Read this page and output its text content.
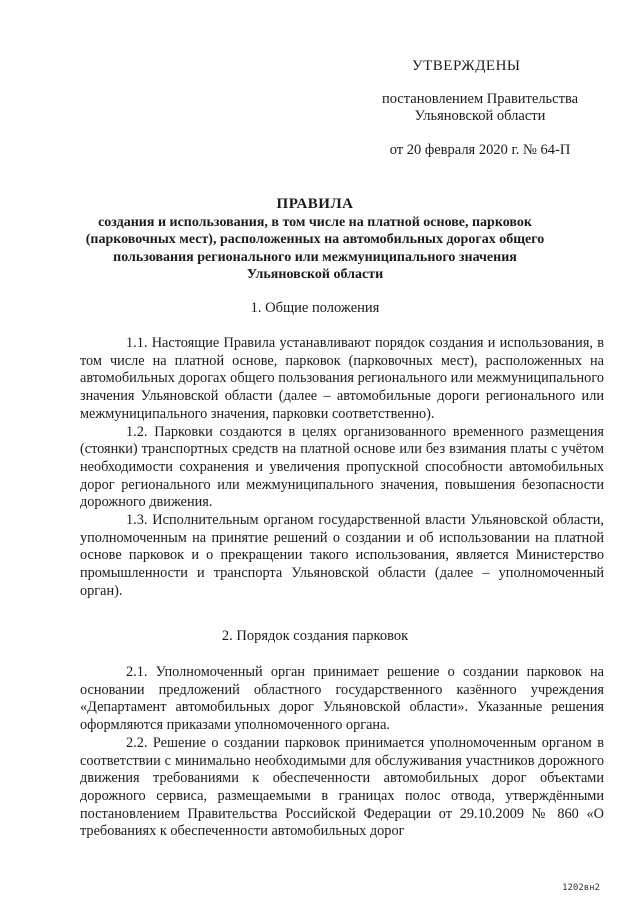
УТВЕРЖДЕНЫ
постановлением Правительства
Ульяновской области
от 20 февраля 2020 г. № 64-П
ПРАВИЛА
создания и использования, в том числе на платной основе, парковок (парковочных мест), расположенных на автомобильных дорогах общего пользования регионального или межмуниципального значения Ульяновской области
1. Общие положения

1.1. Настоящие Правила устанавливают порядок создания и использования, в том числе на платной основе, парковок (парковочных мест), расположенных на автомобильных дорогах общего пользования регионального или межмуниципального значения Ульяновской области (далее – автомобильные дороги регионального или межмуниципального значения, парковки соответственно).

1.2. Парковки создаются в целях организованного временного размещения (стоянки) транспортных средств на платной основе или без взимания платы с учётом необходимости сохранения и увеличения пропускной способности автомобильных дорог регионального или межмуниципального значения, повышения безопасности дорожного движения.

1.3. Исполнительным органом государственной власти Ульяновской области, уполномоченным на принятие решений о создании и об использовании на платной основе парковок и о прекращении такого использования, является Министерство промышленности и транспорта Ульяновской области (далее – уполномоченный орган).

2. Порядок создания парковок

2.1. Уполномоченный орган принимает решение о создании парковок на основании предложений областного государственного казённого учреждения «Департамент автомобильных дорог Ульяновской области». Указанные решения оформляются приказами уполномоченного органа.

2.2. Решение о создании парковок принимается уполномоченным органом в соответствии с минимально необходимыми для обслуживания участников дорожного движения требованиями к обеспеченности автомобильных дорог объектами дорожного сервиса, размещаемыми в границах полос отвода, утверждёнными постановлением Правительства Российской Федерации от 29.10.2009 № 860 «О требованиях к обеспеченности автомобильных дорог

1202вн2
